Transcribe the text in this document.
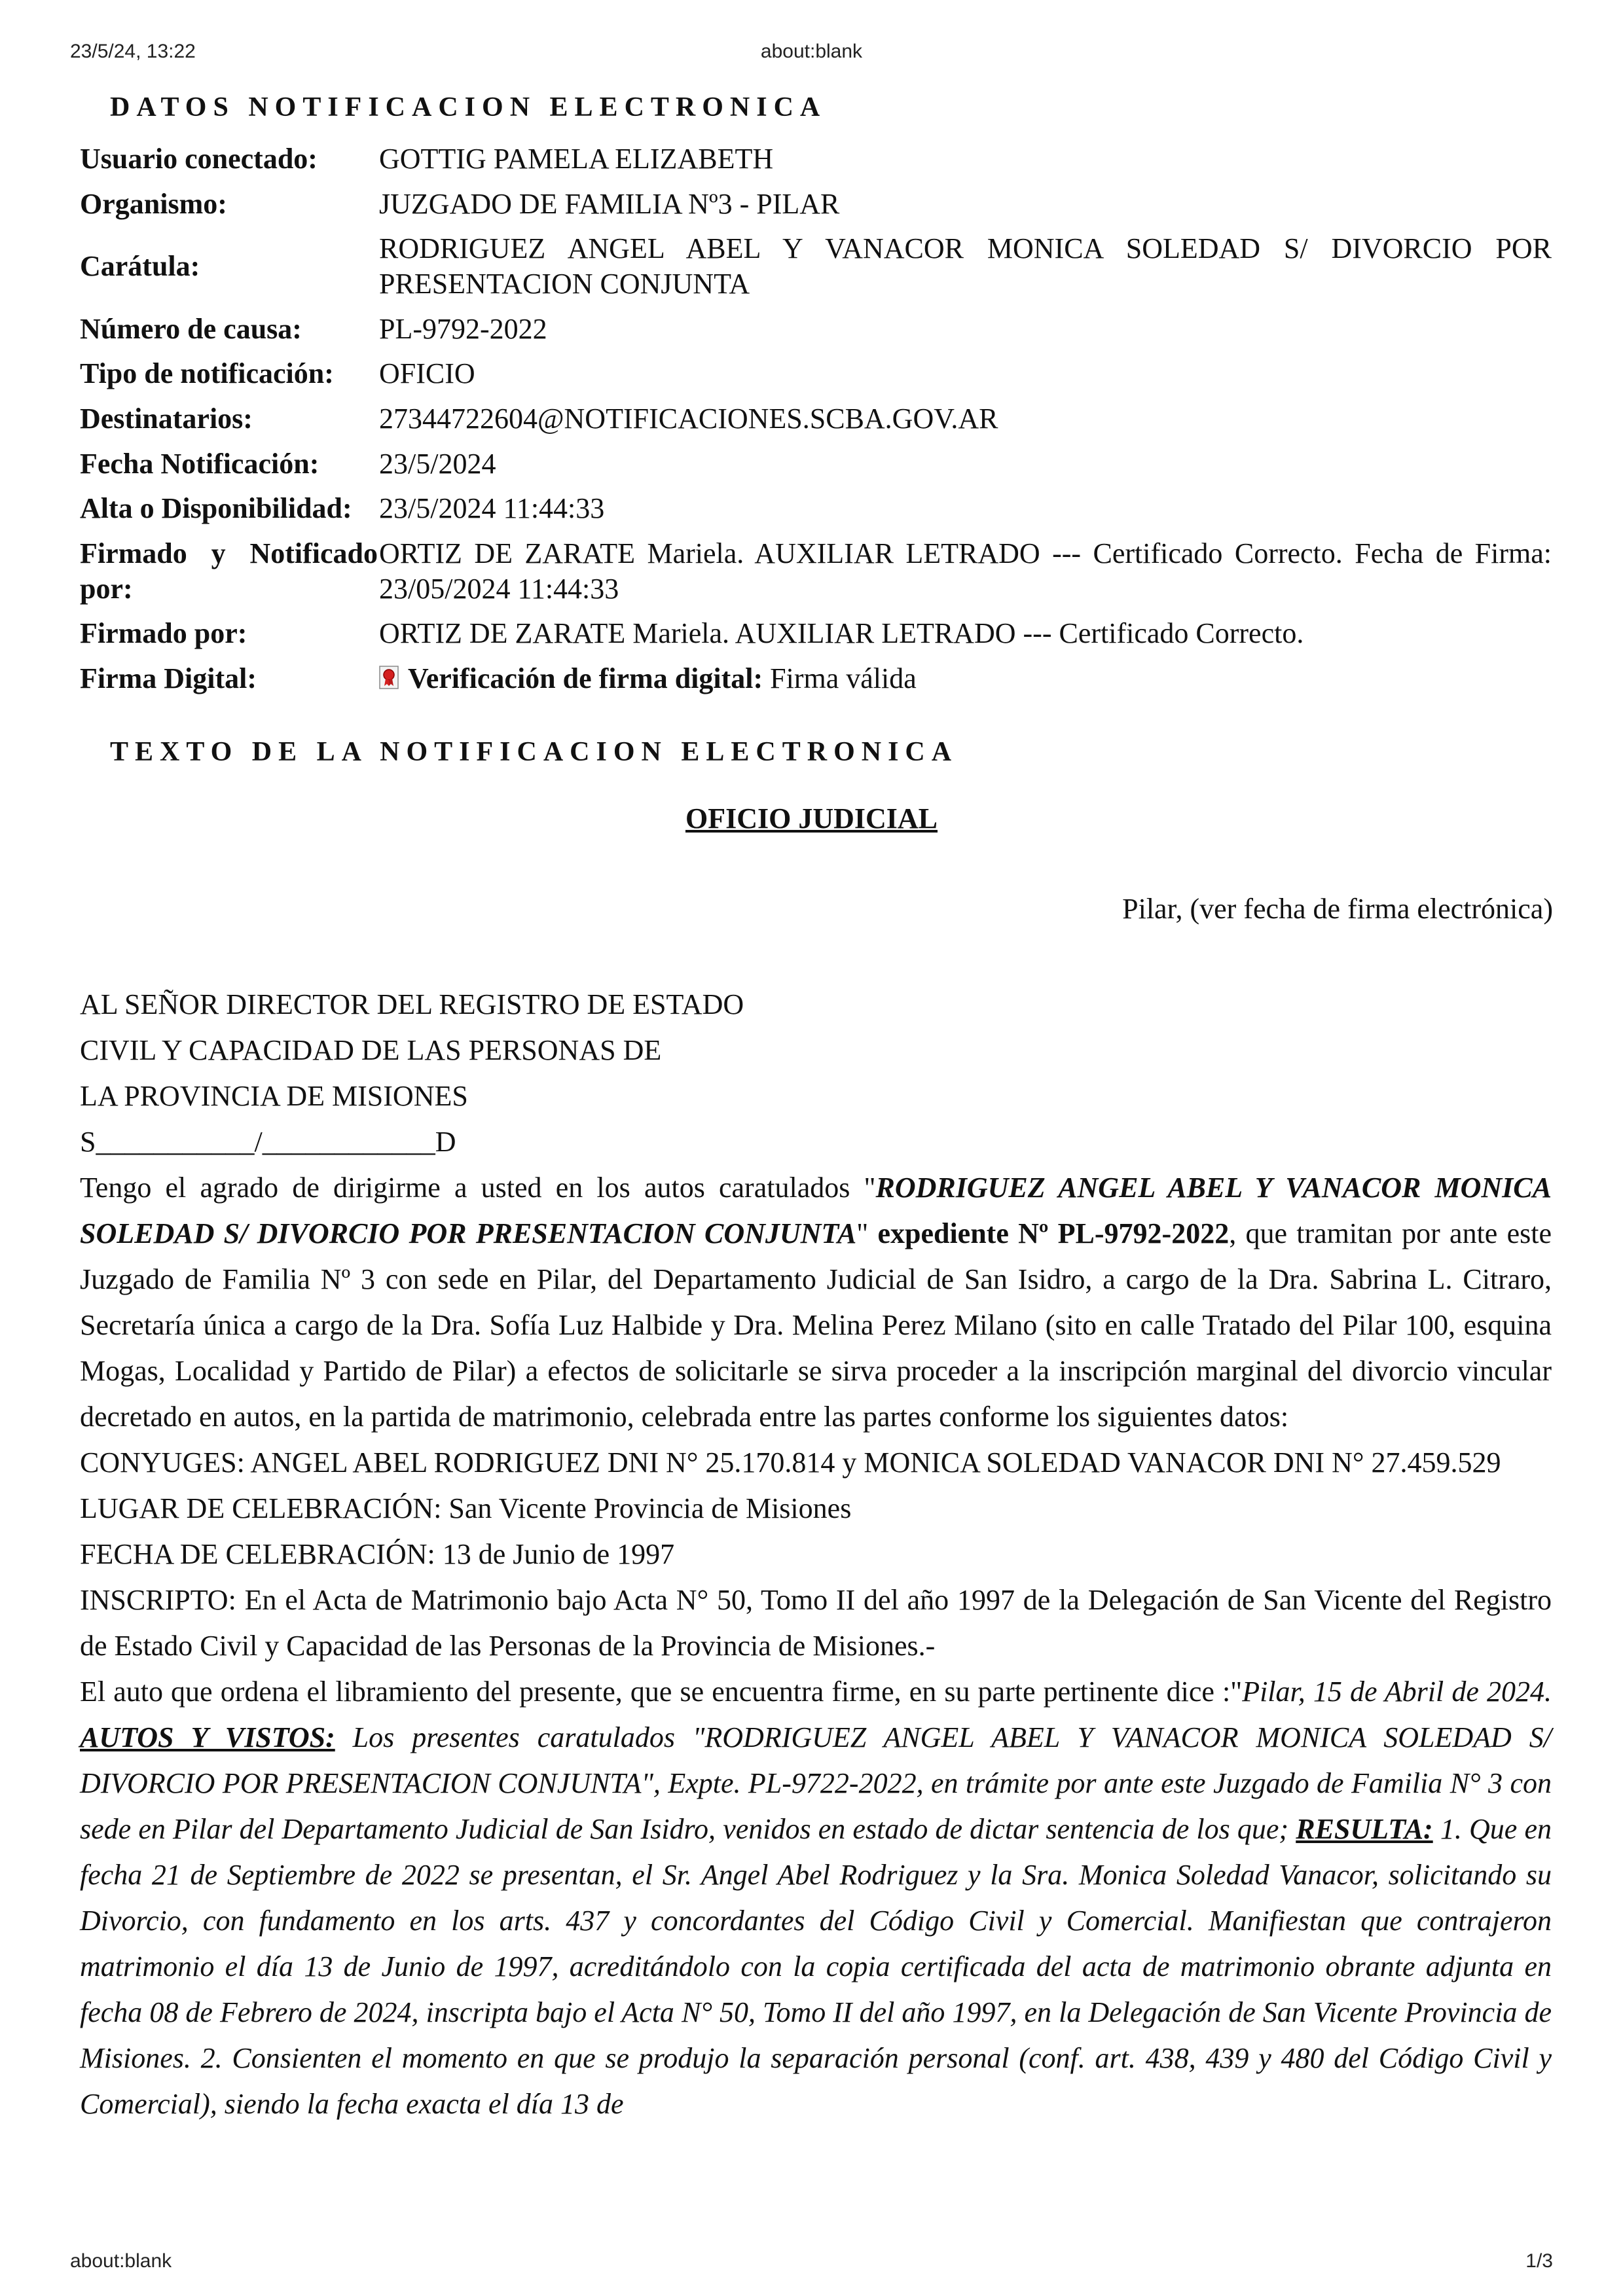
23/5/24, 13:22	about:blank
DATOS NOTIFICACION ELECTRONICA
Usuario conectado:	GOTTIG PAMELA ELIZABETH
Organismo:	JUZGADO DE FAMILIA Nº3 - PILAR
Carátula:	RODRIGUEZ ANGEL ABEL Y VANACOR MONICA SOLEDAD S/ DIVORCIO POR PRESENTACION CONJUNTA
Número de causa:	PL-9792-2022
Tipo de notificación:	OFICIO
Destinatarios:	27344722604@NOTIFICACIONES.SCBA.GOV.AR
Fecha Notificación:	23/5/2024
Alta o Disponibilidad:	23/5/2024 11:44:33
Firmado y Notificado por:	ORTIZ DE ZARATE Mariela. AUXILIAR LETRADO --- Certificado Correcto. Fecha de Firma: 23/05/2024 11:44:33
Firmado por:	ORTIZ DE ZARATE Mariela. AUXILIAR LETRADO --- Certificado Correcto.
Firma Digital:	Verificación de firma digital: Firma válida
TEXTO DE LA NOTIFICACION ELECTRONICA
OFICIO JUDICIAL
Pilar, (ver fecha de firma electrónica)

AL SEÑOR DIRECTOR DEL REGISTRO DE ESTADO

CIVIL Y CAPACIDAD DE LAS PERSONAS DE

LA PROVINCIA DE MISIONES

S___________/____________D

Tengo el agrado de dirigirme a usted en los autos caratulados "RODRIGUEZ ANGEL ABEL Y VANACOR MONICA SOLEDAD S/ DIVORCIO POR PRESENTACION CONJUNTA" expediente Nº PL-9792-2022, que tramitan por ante este Juzgado de Familia Nº 3 con sede en Pilar, del Departamento Judicial de San Isidro, a cargo de la Dra. Sabrina L. Citraro, Secretaría única a cargo de la Dra. Sofía Luz Halbide y Dra. Melina Perez Milano (sito en calle Tratado del Pilar 100, esquina Mogas, Localidad y Partido de Pilar) a efectos de solicitarle se sirva proceder a la inscripción marginal del divorcio vincular decretado en autos, en la partida de matrimonio, celebrada entre las partes conforme los siguientes datos:

CONYUGES: ANGEL ABEL RODRIGUEZ DNI N° 25.170.814 y MONICA SOLEDAD VANACOR DNI N° 27.459.529

LUGAR DE CELEBRACIÓN: San Vicente Provincia de Misiones

FECHA DE CELEBRACIÓN: 13 de Junio de 1997

INSCRIPTO: En el Acta de Matrimonio bajo Acta N° 50, Tomo II del año 1997 de la Delegación de San Vicente del Registro de Estado Civil y Capacidad de las Personas de la Provincia de Misiones.-

El auto que ordena el libramiento del presente, que se encuentra firme, en su parte pertinente dice :"Pilar, 15 de Abril de 2024. AUTOS Y VISTOS: Los presentes caratulados "RODRIGUEZ ANGEL ABEL Y VANACOR MONICA SOLEDAD S/ DIVORCIO POR PRESENTACION CONJUNTA", Expte. PL-9722-2022, en trámite por ante este Juzgado de Familia N° 3 con sede en Pilar del Departamento Judicial de San Isidro, venidos en estado de dictar sentencia de los que; RESULTA: 1. Que en fecha 21 de Septiembre de 2022 se presentan, el Sr. Angel Abel Rodriguez y la Sra. Monica Soledad Vanacor, solicitando su Divorcio, con fundamento en los arts. 437 y concordantes del Código Civil y Comercial. Manifiestan que contrajeron matrimonio el día 13 de Junio de 1997, acreditándolo con la copia certificada del acta de matrimonio obrante adjunta en fecha 08 de Febrero de 2024, inscripta bajo el Acta N° 50, Tomo II del año 1997, en la Delegación de San Vicente Provincia de Misiones. 2. Consienten el momento en que se produjo la separación personal (conf. art. 438, 439 y 480 del Código Civil y Comercial), siendo la fecha exacta el día 13 de

about:blank	1/3
